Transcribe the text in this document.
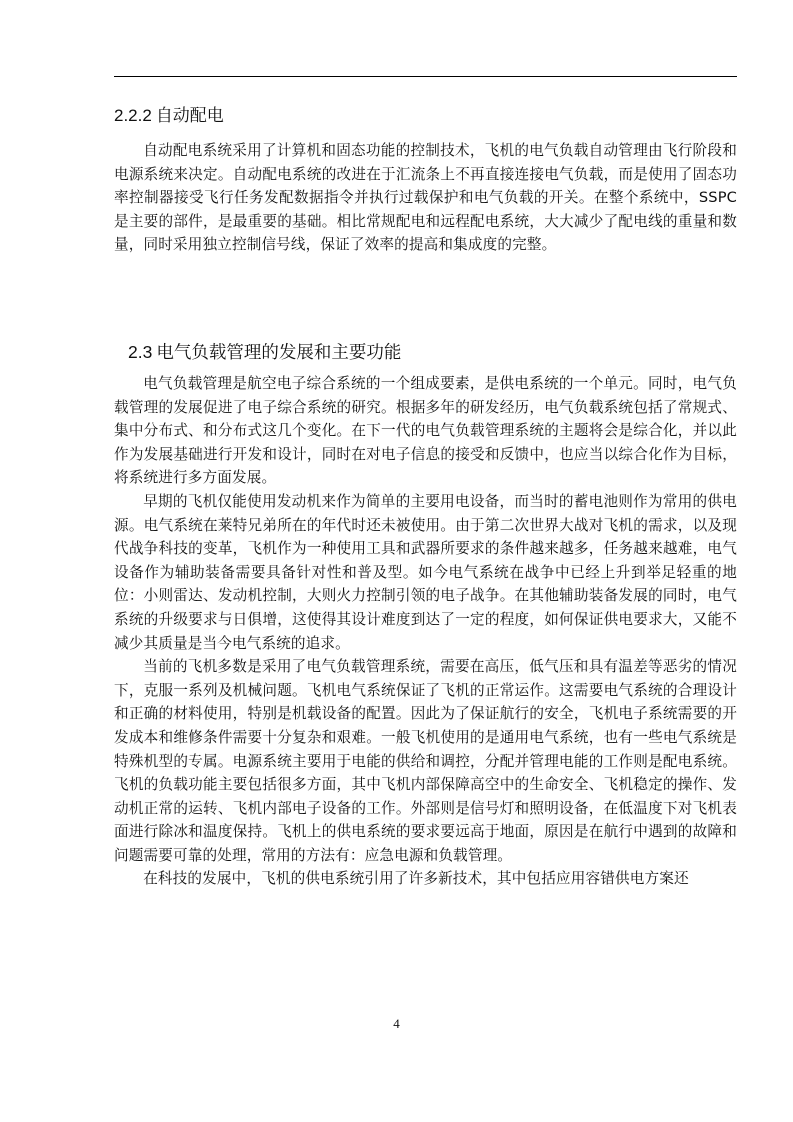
2.2.2 自动配电

自动配电系统采用了计算机和固态功能的控制技术，飞机的电气负载自动管理由飞行阶段和电源系统来决定。自动配电系统的改进在于汇流条上不再直接连接电气负载，而是使用了固态功率控制器接受飞行任务发配数据指令并执行过载保护和电气负载的开关。在整个系统中，SSPC 是主要的部件，是最重要的基础。相比常规配电和远程配电系统，大大减少了配电线的重量和数量，同时采用独立控制信号线，保证了效率的提高和集成度的完整。

2.3 电气负载管理的发展和主要功能

电气负载管理是航空电子综合系统的一个组成要素，是供电系统的一个单元。同时，电气负载管理的发展促进了电子综合系统的研究。根据多年的研发经历，电气负载系统包括了常规式、集中分布式、和分布式这几个变化。在下一代的电气负载管理系统的主题将会是综合化，并以此作为发展基础进行开发和设计，同时在对电子信息的接受和反馈中，也应当以综合化作为目标，将系统进行多方面发展。

早期的飞机仅能使用发动机来作为简单的主要用电设备，而当时的蓄电池则作为常用的供电源。电气系统在莱特兄弟所在的年代时还未被使用。由于第二次世界大战对飞机的需求，以及现代战争科技的变革，飞机作为一种使用工具和武器所要求的条件越来越多，任务越来越难，电气设备作为辅助装备需要具备针对性和普及型。如今电气系统在战争中已经上升到举足轻重的地位：小则雷达、发动机控制，大则火力控制引领的电子战争。在其他辅助装备发展的同时，电气系统的升级要求与日俱增，这使得其设计难度到达了一定的程度，如何保证供电要求大，又能不减少其质量是当今电气系统的追求。

当前的飞机多数是采用了电气负载管理系统，需要在高压，低气压和具有温差等恶劣的情况下，克服一系列及机械问题。飞机电气系统保证了飞机的正常运作。这需要电气系统的合理设计和正确的材料使用，特别是机载设备的配置。因此为了保证航行的安全，飞机电子系统需要的开发成本和维修条件需要十分复杂和艰难。一般飞机使用的是通用电气系统，也有一些电气系统是特殊机型的专属。电源系统主要用于电能的供给和调控，分配并管理电能的工作则是配电系统。飞机的负载功能主要包括很多方面，其中飞机内部保障高空中的生命安全、飞机稳定的操作、发动机正常的运转、飞机内部电子设备的工作。外部则是信号灯和照明设备，在低温度下对飞机表面进行除冰和温度保持。飞机上的供电系统的要求要远高于地面，原因是在航行中遇到的故障和问题需要可靠的处理，常用的方法有：应急电源和负载管理。

在科技的发展中，飞机的供电系统引用了许多新技术，其中包括应用容错供电方案还

4
